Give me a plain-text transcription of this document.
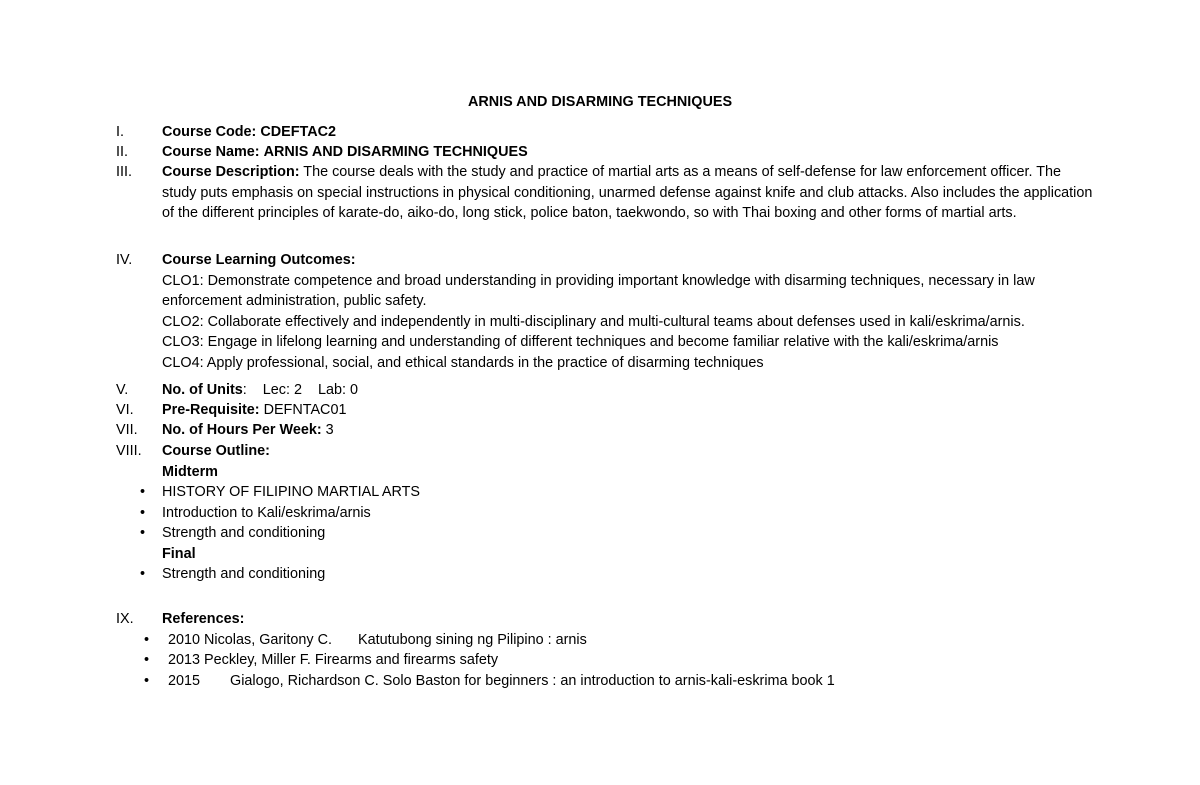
ARNIS AND DISARMING TECHNIQUES
I.	Course Code: CDEFTAC2
II.	Course Name: ARNIS AND DISARMING TECHNIQUES
III.	Course Description: The course deals with the study and practice of martial arts as a means of self-defense for law enforcement officer. The study puts emphasis on special instructions in physical conditioning, unarmed defense against knife and club attacks. Also includes the application of the different principles of karate-do, aiko-do, long stick, police baton, taekwondo, so with Thai boxing and other forms of martial arts.
IV.	Course Learning Outcomes:
CLO1: Demonstrate competence and broad understanding in providing important knowledge with disarming techniques, necessary in law enforcement administration, public safety.
CLO2: Collaborate effectively and independently in multi-disciplinary and multi-cultural teams about defenses used in kali/eskrima/arnis.
CLO3: Engage in lifelong learning and understanding of different techniques and become familiar relative with the kali/eskrima/arnis
CLO4: Apply professional, social, and ethical standards in the practice of disarming techniques
V.	No. of Units: Lec: 2 Lab: 0
VI.	Pre-Requisite: DEFNTAC01
VII.	No. of Hours Per Week: 3
VIII.	Course Outline:
Midterm
• HISTORY OF FILIPINO MARTIAL ARTS
• Introduction to Kali/eskrima/arnis
• Strength and conditioning
Final
• Strength and conditioning
IX.	References:
• 2010 Nicolas, Garitony C. Katutubong sining ng Pilipino : arnis
• 2013 Peckley, Miller F. Firearms and firearms safety
• 2015 Gialogo, Richardson C. Solo Baston for beginners : an introduction to arnis-kali-eskrima book 1
